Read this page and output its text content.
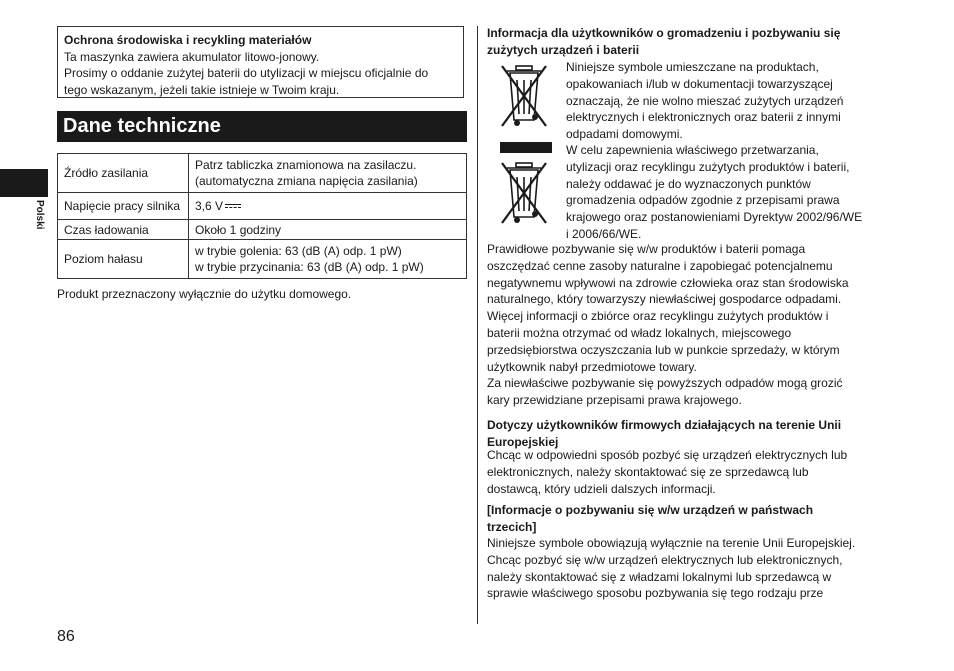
Polski
Ochrona środowiska i recykling materiałów
Ta maszynka zawiera akumulator litowo-jonowy.
Prosimy o oddanie zużytej baterii do utylizacji w miejscu oficjalnie do
tego wskazanym, jeżeli takie istnieje w Twoim kraju.
Dane techniczne
Źródło zasilania	Patrz tabliczka znamionowa na zasilaczu.
(automatyczna zmiana napięcia zasilania)

Napięcie pracy silnika	3,6 V
Czas ładowania	Około 1 godziny

Poziom hałasu	w trybie golenia: 63 (dB (A) odp. 1 pW)
w trybie przycinania: 63 (dB (A) odp. 1 pW)
Produkt przeznaczony wyłącznie do użytku domowego.
86
Informacja dla użytkowników o gromadzeniu i pozbywaniu się
zużytych urządzeń i baterii
Niniejsze symbole umieszczane na produktach,
opakowaniach i/lub w dokumentacji towarzyszącej
oznaczają, że nie wolno mieszać zużytych urządzeń
elektrycznych i elektronicznych oraz baterii z innymi
odpadami domowymi.
W celu zapewnienia właściwego przetwarzania,
utylizacji oraz recyklingu zużytych produktów i baterii,
należy oddawać je do wyznaczonych punktów
gromadzenia odpadów zgodnie z przepisami prawa
krajowego oraz postanowieniami Dyrektyw 2002/96/WE
i 2006/66/WE.
Prawidłowe pozbywanie się w/w produktów i baterii pomaga
oszczędzać cenne zasoby naturalne i zapobiegać potencjalnemu
negatywnemu wpływowi na zdrowie człowieka oraz stan środowiska
naturalnego, który towarzyszy niewłaściwej gospodarce odpadami.
Więcej informacji o zbiórce oraz recyklingu zużytych produktów i
baterii można otrzymać od władz lokalnych, miejscowego
przedsiębiorstwa oczyszczania lub w punkcie sprzedaży, w którym
użytkownik nabył przedmiotowe towary.
Za niewłaściwe pozbywanie się powyższych odpadów mogą grozić
kary przewidziane przepisami prawa krajowego.
Dotyczy użytkowników firmowych działających na terenie Unii
Europejskiej
Chcąc w odpowiedni sposób pozbyć się urządzeń elektrycznych lub
elektronicznych, należy skontaktować się ze sprzedawcą lub
dostawcą, który udzieli dalszych informacji.
[Informacje o pozbywaniu się w/w urządzeń w państwach
trzecich]
Niniejsze symbole obowiązują wyłącznie na terenie Unii Europejskiej.
Chcąc pozbyć się w/w urządzeń elektrycznych lub elektronicznych,
należy skontaktować się z władzami lokalnymi lub sprzedawcą w
sprawie właściwego sposobu pozbywania się tego rodzaju prze
